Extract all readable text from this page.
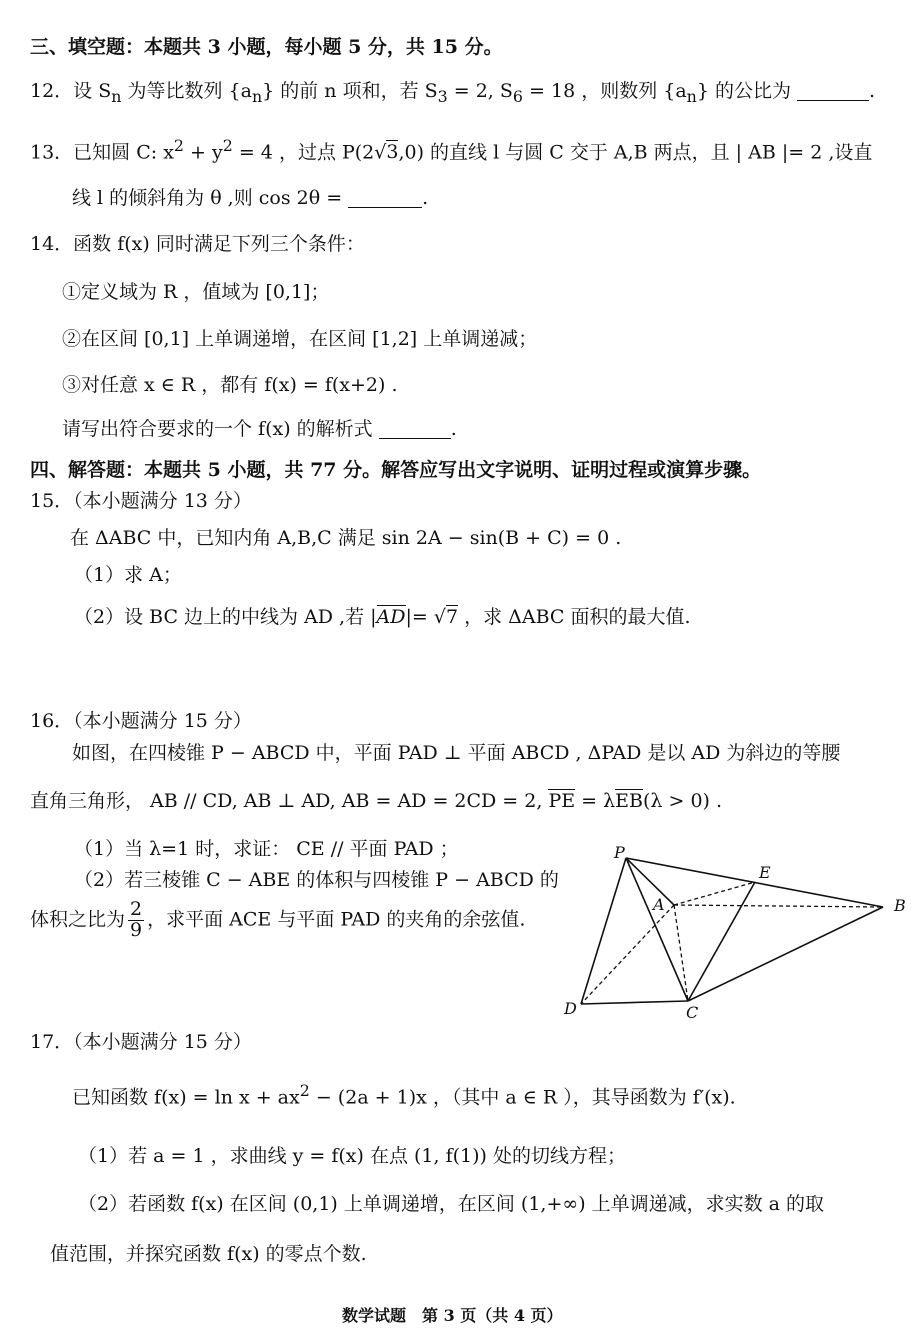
三、填空题：本题共 3 小题，每小题 5 分，共 15 分。
12．设 $S_n$ 为等比数列 $\{a_n\}$ 的前 n 项和，若 $S_3 = 2$, $S_6 = 18$ ，则数列 $\{a_n\}$ 的公比为	.
13．已知圆 C: $x^2 + y^2 = 4$ ，过点 P(2√3,0) 的直线 l 与圆 C 交于 A,B 两点，且 | AB |= 2 ,设直
线 l 的倾斜角为 θ ,则 cos 2θ =	.
14．函数 f(x) 同时满足下列三个条件：
①定义域为 R ，值域为 [0,1]；
②在区间 [0,1] 上单调递增，在区间 [1,2] 上单调递减；
③对任意 x ∈ R ，都有 f(x) = f(x+2) .
请写出符合要求的一个 f(x) 的解析式	.
四、解答题：本题共 5 小题，共 77 分。解答应写出文字说明、证明过程或演算步骤。
15．（本小题满分 13 分）
在 ΔABC 中，已知内角 A,B,C 满足 sin 2A − sin(B + C) = 0 .
（1）求 A；
（2）设 BC 边上的中线为 AD ,若 |AD|= √7 ，求 ΔABC 面积的最大值.
16．（本小题满分 15 分）
如图，在四棱锥 P − ABCD 中，平面 PAD ⊥ 平面 ABCD , ΔPAD 是以 AD 为斜边的等腰
直角三角形， AB // CD, AB ⊥ AD, AB = AD = 2CD = 2, PE = λEB(λ > 0) .
（1）当 λ=1 时，求证： CE // 平面 PAD ；
（2）若三棱锥 C − ABE 的体积与四棱锥 P − ABCD 的
体积之比为 $\frac{2}{9}$ ，求平面 ACE 与平面 PAD 的夹角的余弦值.
P
E
A	B
D	C
17．（本小题满分 15 分）
已知函数 $f(x) = \ln x + ax^2 - (2a + 1)x$ ，（其中 a ∈ R ），其导函数为 f′(x).
（1）若 a = 1 ，求曲线 y = f(x) 在点 (1, f(1)) 处的切线方程；
（2）若函数 f(x) 在区间 (0,1) 上单调递增，在区间 (1,+∞) 上单调递减，求实数 a 的取
值范围，并探究函数 f(x) 的零点个数.
数学试题　第 3 页（共 4 页）
